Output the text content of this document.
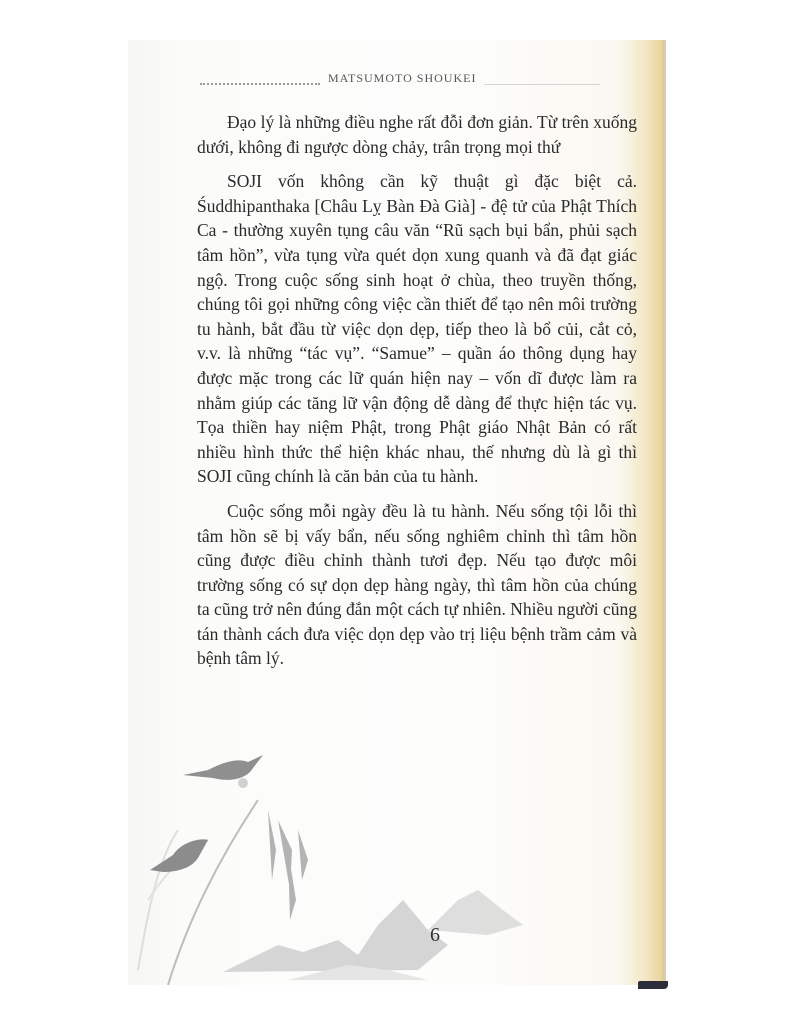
MATSUMOTO SHOUKEI

Đạo lý là những điều nghe rất đỗi đơn giản. Từ trên xuống dưới, không đi ngược dòng chảy, trân trọng mọi thứ

SOJI vốn không cần kỹ thuật gì đặc biệt cả. Śuddhipanthaka [Châu Lỵ Bàn Đà Già] - đệ tử của Phật Thích Ca - thường xuyên tụng câu văn “Rũ sạch bụi bẩn, phủi sạch tâm hồn”, vừa tụng vừa quét dọn xung quanh và đã đạt giác ngộ. Trong cuộc sống sinh hoạt ở chùa, theo truyền thống, chúng tôi gọi những công việc cần thiết để tạo nên môi trường tu hành, bắt đầu từ việc dọn dẹp, tiếp theo là bổ củi, cắt cỏ, v.v. là những “tác vụ”. “Samue” – quần áo thông dụng hay được mặc trong các lữ quán hiện nay – vốn dĩ được làm ra nhằm giúp các tăng lữ vận động dễ dàng để thực hiện tác vụ. Tọa thiền hay niệm Phật, trong Phật giáo Nhật Bản có rất nhiều hình thức thể hiện khác nhau, thế nhưng dù là gì thì SOJI cũng chính là căn bản của tu hành.

Cuộc sống mỗi ngày đều là tu hành. Nếu sống tội lỗi thì tâm hồn sẽ bị vấy bẩn, nếu sống nghiêm chỉnh thì tâm hồn cũng được điều chỉnh thành tươi đẹp. Nếu tạo được môi trường sống có sự dọn dẹp hàng ngày, thì tâm hồn của chúng ta cũng trở nên đúng đắn một cách tự nhiên. Nhiều người cũng tán thành cách đưa việc dọn dẹp vào trị liệu bệnh trầm cảm và bệnh tâm lý.

6
